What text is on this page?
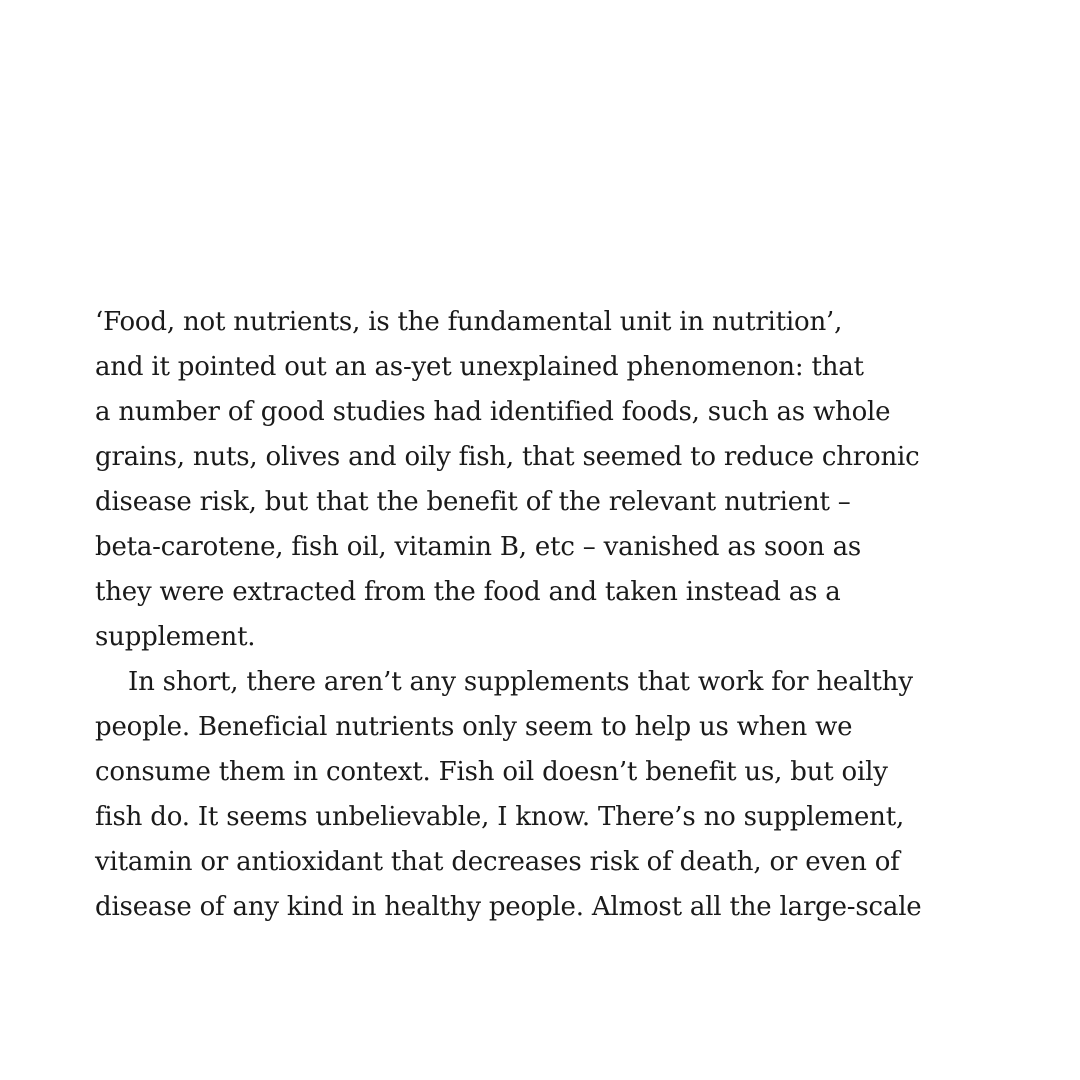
‘Food, not nutrients, is the fundamental unit in nutrition’,
and it pointed out an as-yet unexplained phenomenon: that
a number of good studies had identified foods, such as whole
grains, nuts, olives and oily fish, that seemed to reduce chronic
disease risk, but that the benefit of the relevant nutrient –
beta-carotene, fish oil, vitamin B, etc – vanished as soon as
they were extracted from the food and taken instead as a
supplement.
In short, there aren’t any supplements that work for healthy
people. Beneficial nutrients only seem to help us when we
consume them in context. Fish oil doesn’t benefit us, but oily
fish do. It seems unbelievable, I know. There’s no supplement,
vitamin or antioxidant that decreases risk of death, or even of
disease of any kind in healthy people. Almost all the large-scale
